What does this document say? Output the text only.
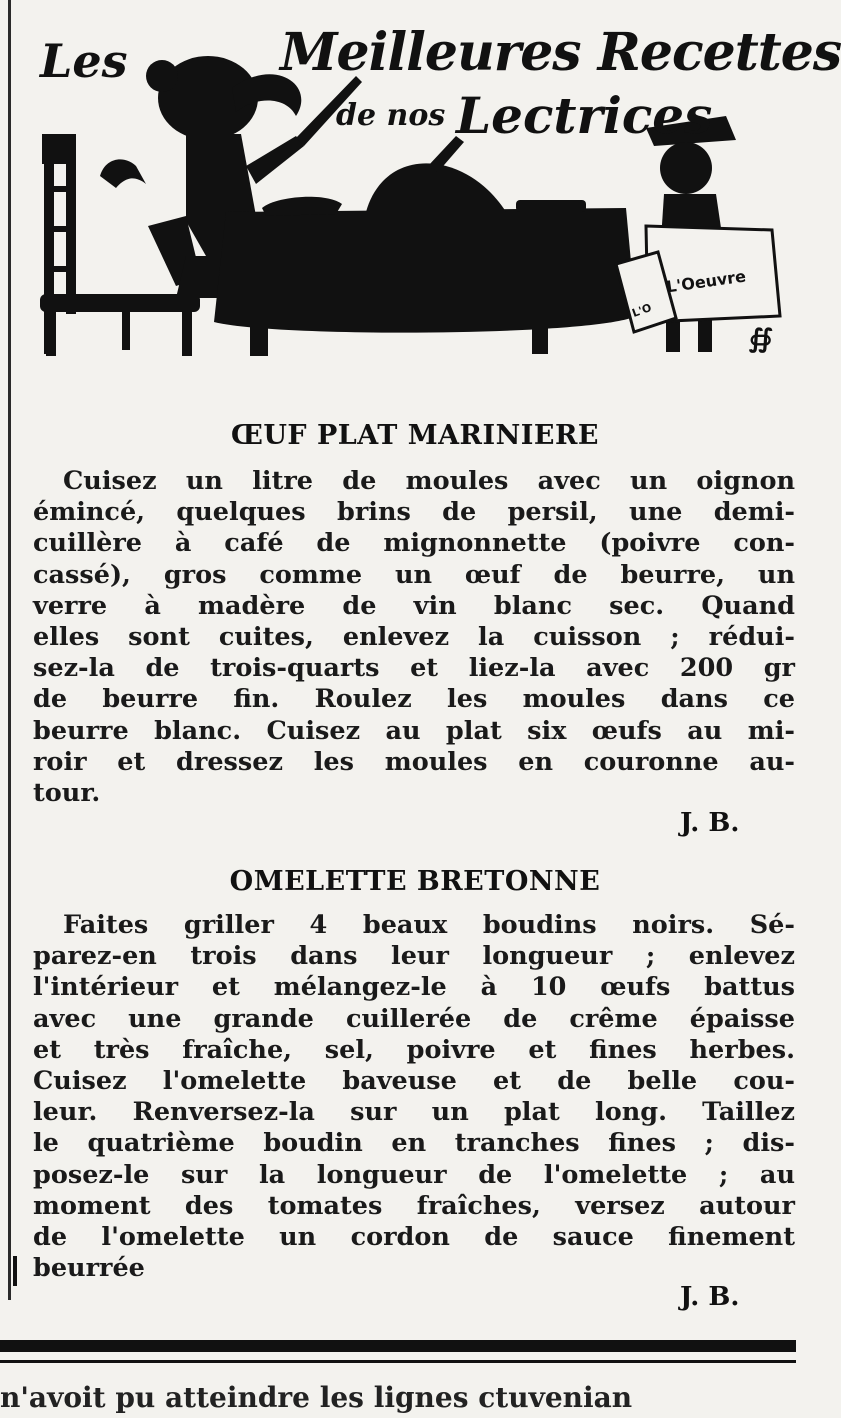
Les	Meilleures Recettes
de nos Lectrices
L'Oeuvre
L'O
∯
ŒUF PLAT MARINIERE
Cuisez un litre de moules avec un oignon
émincé, quelques brins de persil, une demi-
cuillère à café de mignonnette (poivre con-
cassé), gros comme un œuf de beurre, un
verre à madère de vin blanc sec. Quand
elles sont cuites, enlevez la cuisson ; rédui-
sez-la de trois-quarts et liez-la avec 200 gr
de beurre fin. Roulez les moules dans ce
beurre blanc. Cuisez au plat six œufs au mi-
roir et dressez les moules en couronne au-
tour.
J. B.
OMELETTE BRETONNE
Faites griller 4 beaux boudins noirs. Sé-
parez-en trois dans leur longueur ; enlevez
l'intérieur et mélangez-le à 10 œufs battus
avec une grande cuillerée de crême épaisse
et très fraîche, sel, poivre et fines herbes.
Cuisez l'omelette baveuse et de belle cou-
leur. Renversez-la sur un plat long. Taillez
le quatrième boudin en tranches fines ; dis-
posez-le sur la longueur de l'omelette ; au
moment des tomates fraîches, versez autour
de l'omelette un cordon de sauce finement
beurrée
J. B.
n'avoit pu atteindre les lignes ctuvenian
